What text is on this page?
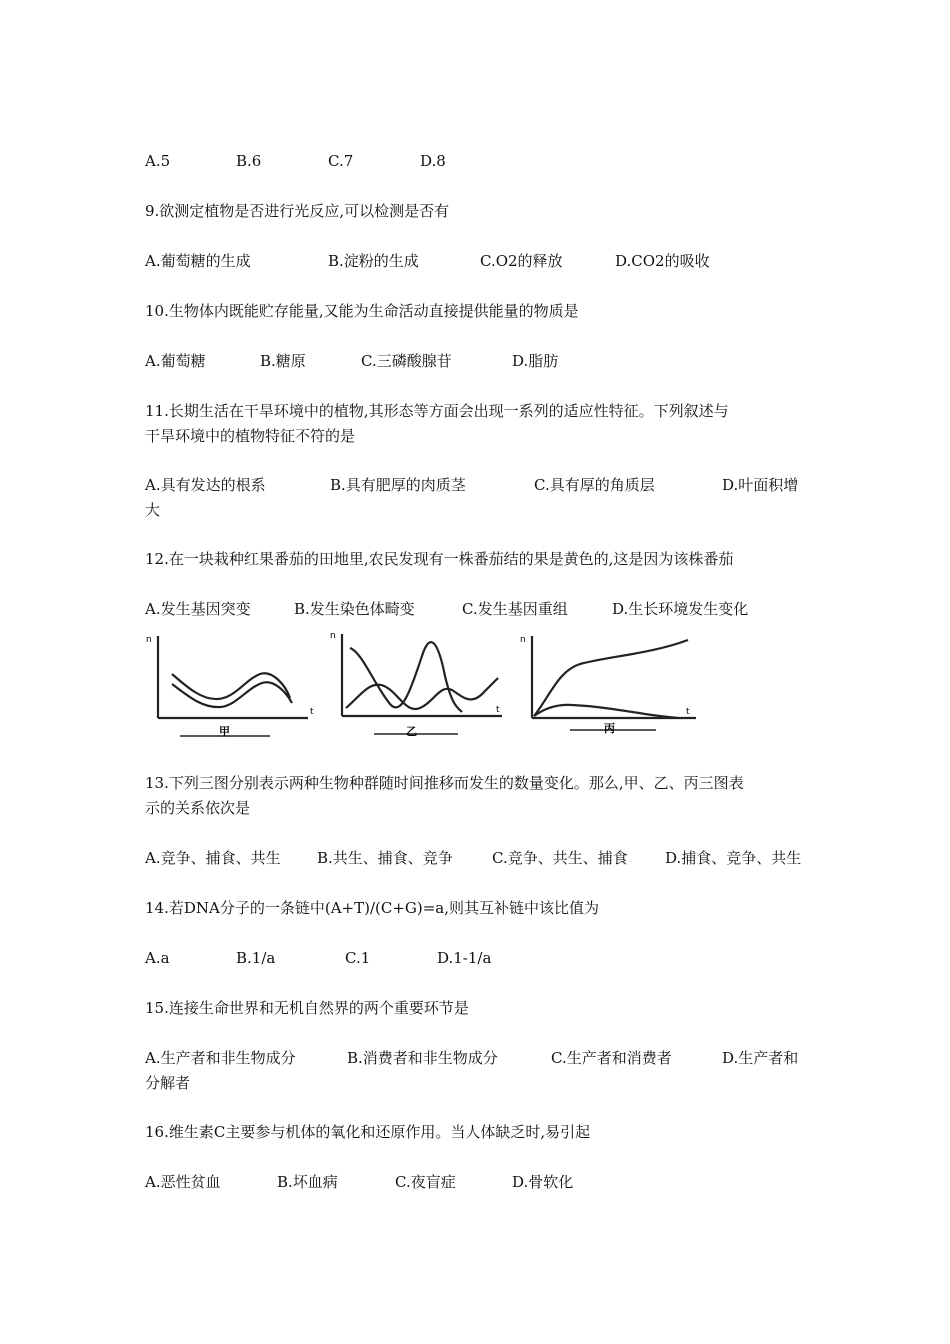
A.5	B.6	C.7	D.8
9.欲测定植物是否进行光反应,可以检测是否有
A.葡萄糖的生成	B.淀粉的生成	C.O2的释放	D.CO2的吸收
10.生物体内既能贮存能量,又能为生命活动直接提供能量的物质是
A.葡萄糖	B.糖原	C.三磷酸腺苷	D.脂肪
11.长期生活在干旱环境中的植物,其形态等方面会出现一系列的适应性特征。下列叙述与
干旱环境中的植物特征不符的是
A.具有发达的根系	B.具有肥厚的肉质茎	C.具有厚的角质层	D.叶面积增
大
12.在一块栽种红果番茄的田地里,农民发现有一株番茄结的果是黄色的,这是因为该株番茄
A.发生基因突变	B.发生染色体畸变	C.发生基因重组	D.生长环境发生变化
n
t
甲
n
t
乙
n
t
丙
13.下列三图分别表示两种生物种群随时间推移而发生的数量变化。那么,甲、乙、丙三图表
示的关系依次是
A.竞争、捕食、共生 B.共生、捕食、竞争	C.竞争、共生、捕食 D.捕食、竞争、共生
14.若DNA分子的一条链中(A+T)/(C+G)=a,则其互补链中该比值为
A.a	B.1/a	C.1	D.1-1/a
15.连接生命世界和无机自然界的两个重要环节是
A.生产者和非生物成分	B.消费者和非生物成分	C.生产者和消费者	D.生产者和
分解者
16.维生素C主要参与机体的氧化和还原作用。当人体缺乏时,易引起
A.恶性贫血	B.坏血病	C.夜盲症	D.骨软化
